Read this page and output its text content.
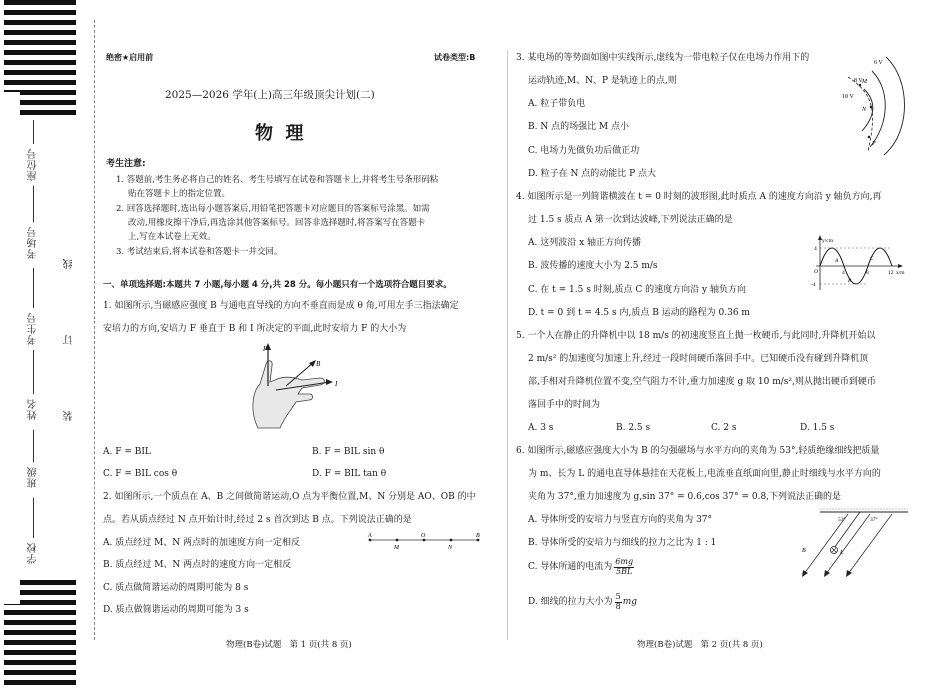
座位号
考场号
考生号
姓名
班级
学校
线
订
装
绝密★启用前	试卷类型:B
2025—2026 学年(上)高三年级顶尖计划(二)
物  理
考生注意:
1. 答题前,考生务必将自己的姓名、考生号填写在试卷和答题卡上,并将考生号条形码粘
贴在答题卡上的指定位置。
2. 回答选择题时,选出每小题答案后,用铅笔把答题卡对应题目的答案标号涂黑。如需
改动,用橡皮擦干净后,再选涂其他答案标号。回答非选择题时,将答案写在答题卡
上,写在本试卷上无效。
3. 考试结束后,将本试卷和答题卡一并交回。
一、单项选择题:本题共 7 小题,每小题 4 分,共 28 分。每小题只有一个选项符合题目要求。
1. 如图所示,当磁感应强度 B 与通电直导线的方向不垂直而是成 θ 角,可用左手三指法确定
安培力的方向,安培力 F 垂直于 B 和 I 所决定的平面,此时安培力 F 的大小为
F
B
I
A. F = BIL	B. F = BIL sin θ
C. F = BIL cos θ	D. F = BIL tan θ
2. 如图所示,一个质点在 A、B 之间做简谐运动,O 点为平衡位置,M、N 分别是 AO、OB 的中
点。若从质点经过 N 点开始计时,经过 2 s 首次到达 B 点。下列说法正确的是
A. 质点经过 M、N 两点时的加速度方向一定相反
B. 质点经过 M、N 两点时的速度方向一定相反
C. 质点做简谐运动的周期可能为 8 s
D. 质点做简谐运动的周期可能为 3 s
A
M
O
N
B
物理(B卷)试题   第 1 页(共 8 页)
3. 某电场的等势面如图中实线所示,虚线为一带电粒子仅在电场力作用下的
运动轨迹,M、N、P 是轨迹上的点,则
A. 粒子带负电
B. N 点的场强比 M 点小
C. 电场力先做负功后做正功
D. 粒子在 N 点的动能比 P 点大
6 V
8 V
10 V
M
N
P
4. 如图所示是一列简谐横波在 t = 0 时刻的波形图,此时质点 A 的速度方向沿 y 轴负方向,再
过 1.5 s 质点 A 第一次到达波峰,下列说法正确的是
A. 这列波沿 x 轴正方向传播
B. 波传播的速度大小为 2.5 m/s
C. 在 t = 1.5 s 时刻,质点 C 的速度方向沿 y 轴负方向
D. t = 0 到 t = 4.5 s 内,质点 B 运动的路程为 0.36 m
y/cm
x/m
4
-4
O	4	8	12
A
B
C
5. 一个人在静止的升降机中以 18 m/s 的初速度竖直上抛一枚硬币,与此同时,升降机开始以
2 m/s² 的加速度匀加速上升,经过一段时间硬币落回手中。已知硬币没有碰到升降机顶
部,手相对升降机位置不变,空气阻力不计,重力加速度 g 取 10 m/s²,则从抛出硬币到硬币
落回手中的时间为
A. 3 s	B. 2.5 s	C. 2 s	D. 1.5 s
6. 如图所示,磁感应强度大小为 B 的匀强磁场与水平方向的夹角为 53°,轻质绝缘细线把质量
为 m、长为 L 的通电直导体悬挂在天花板上,电流垂直纸面向里,静止时细线与水平方向的
夹角为 37°,重力加速度为 g,sin 37° = 0.6,cos 37° = 0.8,下列说法正确的是
A. 导体所受的安培力与竖直方向的夹角为 37°
B. 导体所受的安培力与细线的拉力之比为 1 : 1
C. 导体所通的电流为 $\frac{6mg}{5BL}$
D. 细线的拉力大小为 $\frac{5}{8}$ mg
53°	37°
B	L
物理(B卷)试题   第 2 页(共 8 页)
